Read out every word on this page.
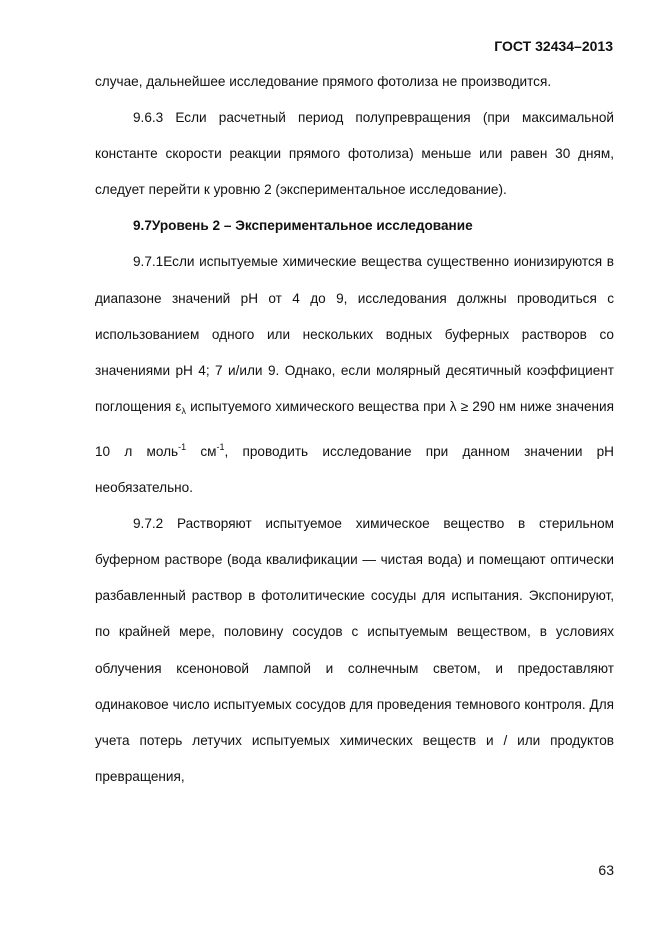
ГОСТ 32434–2013

случае, дальнейшее исследование прямого фотолиза не производится.

9.6.3 Если расчетный период полупревращения (при максимальной константе скорости реакции прямого фотолиза) меньше или равен 30 дням, следует перейти к уровню 2 (экспериментальное исследование).

9.7Уровень 2 – Экспериментальное исследование

9.7.1Если испытуемые химические вещества существенно ионизируются в диапазоне значений pH от 4 до 9, исследования должны проводиться с использованием одного или нескольких водных буферных растворов со значениями pH 4; 7 и/или 9. Однако, если молярный десятичный коэффициент поглощения $\varepsilon_\lambda$ испытуемого химического вещества при λ ≥ 290 нм ниже значения 10 л моль$^{-1}$ $см^{-1}$, проводить исследование при данном значении pH необязательно.

9.7.2 Растворяют испытуемое химическое вещество в стерильном буферном растворе (вода квалификации — чистая вода) и помещают оптически разбавленный раствор в фотолитические сосуды для испытания. Экспонируют, по крайней мере, половину сосудов с испытуемым веществом, в условиях облучения ксеноновой лампой и солнечным светом, и предоставляют одинаковое число испытуемых сосудов для проведения темнового контроля. Для учета потерь летучих испытуемых химических веществ и / или продуктов превращения,

63
